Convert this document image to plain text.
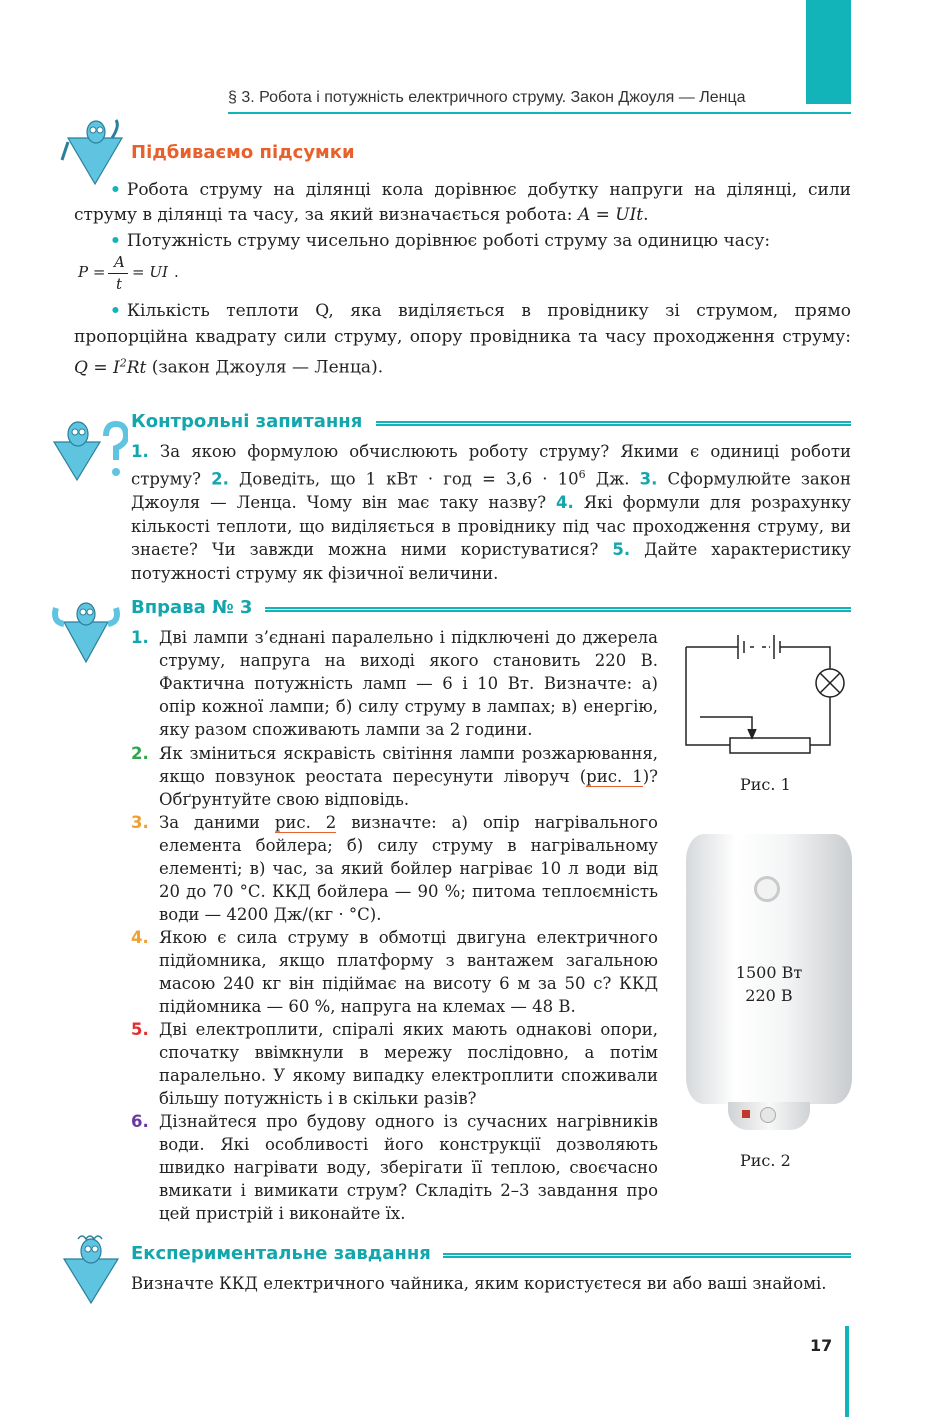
§ 3. Робота і потужність електричного струму. Закон Джоуля — Ленца
Підбиваємо підсумки
• Робота струму на ділянці кола дорівнює добутку напруги на ділянці, сили струму в ділянці та часу, за який визначається робота: A = UIt.
• Потужність струму чисельно дорівнює роботі струму за одиницю часу:
P =
A
t
= UI .
• Кількість теплоти Q, яка виділяється в провіднику зі струмом, прямо пропорційна квадрату сили струму, опору провідника та часу проходження струму: $Q = I^2Rt$ (закон Джоуля — Ленца).
Контрольні запитання
1. За якою формулою обчислюють роботу струму? Якими є одиниці роботи струму? 2. Доведіть, що 1 кВт · год = $3,6 \cdot 10^6$ Дж. 3. Сформулюйте закон Джоуля — Ленца. Чому він має таку назву? 4. Які формули для розрахунку кількості теплоти, що виділяється в провіднику під час проходження струму, ви знаєте? Чи завжди можна ними користуватися? 5. Дайте характеристику потужності струму як фізичної величини.
Вправа № 3
1. Дві лампи з’єднані паралельно і підключені до джерела струму, напруга на виході якого становить 220 В. Фактична потужність ламп — 6 і 10 Вт. Визначте: а) опір кожної лампи; б) силу струму в лампах; в) енергію, яку разом споживають лампи за 2 години.
2. Як зміниться яскравість світіння лампи розжарювання, якщо повзунок реостата пересунути ліворуч (рис. 1)? Обґрунтуйте свою відповідь.
3. За даними рис. 2 визначте: а) опір нагрівального елемента бойлера; б) силу струму в нагрівальному елементі; в) час, за який бойлер нагріває 10 л води від 20 до 70 °С. ККД бойлера — 90 %; питома теплоємність води — 4200 Дж/(кг · °С).
4. Якою є сила струму в обмотці двигуна електричного підйомника, якщо платформу з вантажем загальною масою 240 кг він підіймає на висоту 6 м за 50 с? ККД підйомника — 60 %, напруга на клемах — 48 В.
5. Дві електроплити, спіралі яких мають однакові опори, спочатку ввімкнули в мережу послідовно, а потім паралельно. У якому випадку електроплити споживали більшу потужність і в скільки разів?
6. Дізнайтеся про будову одного із сучасних нагрівників води. Які особливості його конструкції дозволяють швидко нагрівати воду, зберігати її теплою, своєчасно вмикати і вимикати струм? Складіть 2–3 завдання про цей пристрій і виконайте їх.
Рис. 1
1500 Вт
220 В
Рис. 2
Експериментальне завдання
Визначте ККД електричного чайника, яким користуєтеся ви або ваші знайомі.
17
